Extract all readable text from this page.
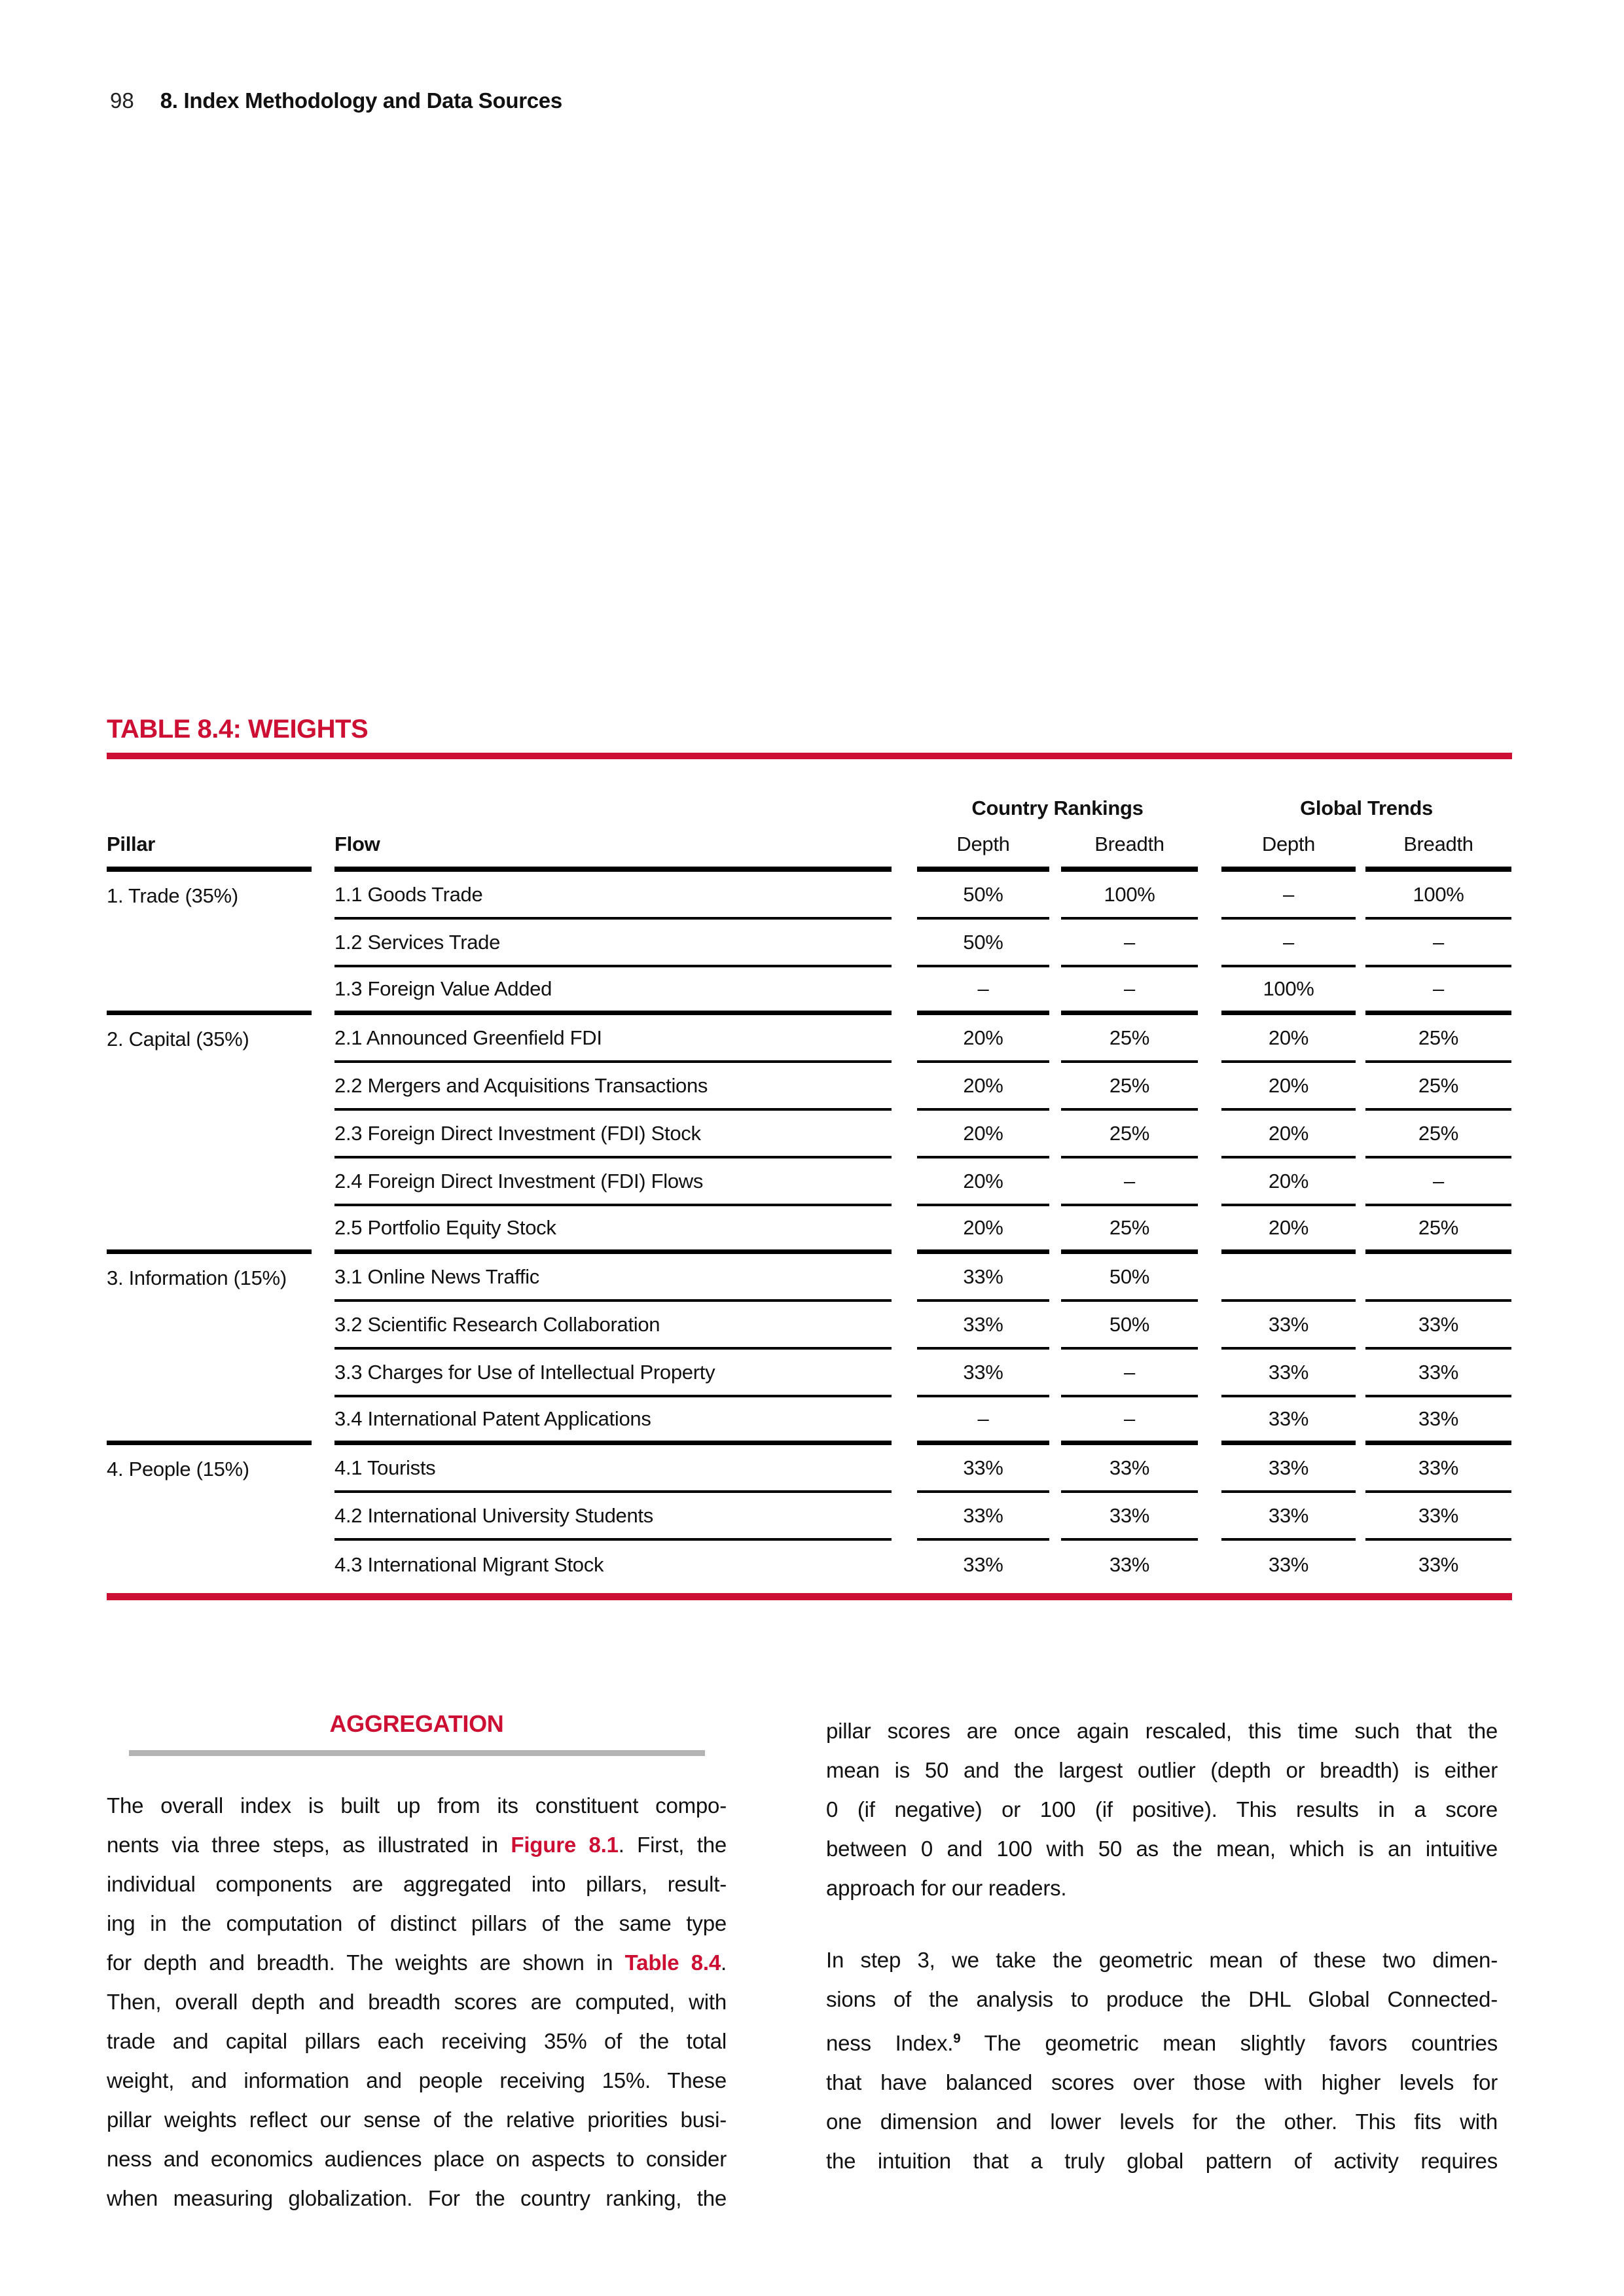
98 8. Index Methodology and Data Sources
TABLE 8.4: WEIGHTS
Country Rankings	Global Trends
Pillar	Flow	Depth	Breadth	Depth	Breadth
1. Trade (35%)	1.1 Goods Trade	50%	100%	–	100%
1.2 Services Trade	50%	–	–	–
1.3 Foreign Value Added	–	–	100%	–
2. Capital (35%)	2.1 Announced Greenfield FDI	20%	25%	20%	25%
2.2 Mergers and Acquisitions Transactions	20%	25%	20%	25%
2.3 Foreign Direct Investment (FDI) Stock	20%	25%	20%	25%
2.4 Foreign Direct Investment (FDI) Flows	20%	–	20%	–
2.5 Portfolio Equity Stock	20%	25%	20%	25%
3. Information (15%)	3.1 Online News Traffic	33%	50%
3.2 Scientific Research Collaboration	33%	50%	33%	33%
3.3 Charges for Use of Intellectual Property	33%	–	33%	33%
3.4 International Patent Applications	–	–	33%	33%
4. People (15%)	4.1 Tourists	33%	33%	33%	33%
4.2 International University Students	33%	33%	33%	33%
4.3 International Migrant Stock	33%	33%	33%	33%
AGGREGATION
The overall index is built up from its constituent compo-
nents via three steps, as illustrated in Figure 8.1. First, the
individual components are aggregated into pillars, result-
ing in the computation of distinct pillars of the same type
for depth and breadth. The weights are shown in Table 8.4.
Then, overall depth and breadth scores are computed, with
trade and capital pillars each receiving 35% of the total
weight, and information and people receiving 15%. These
pillar weights reflect our sense of the relative priorities busi-
ness and economics audiences place on aspects to consider
when measuring globalization. For the country ranking, the
pillar scores are once again rescaled, this time such that the
mean is 50 and the largest outlier (depth or breadth) is either
0 (if negative) or 100 (if positive). This results in a score
between 0 and 100 with 50 as the mean, which is an intuitive
approach for our readers.
In step 3, we take the geometric mean of these two dimen-
sions of the analysis to produce the DHL Global Connected-
ness Index.$^9$ The geometric mean slightly favors countries
that have balanced scores over those with higher levels for
one dimension and lower levels for the other. This fits with
the intuition that a truly global pattern of activity requires
